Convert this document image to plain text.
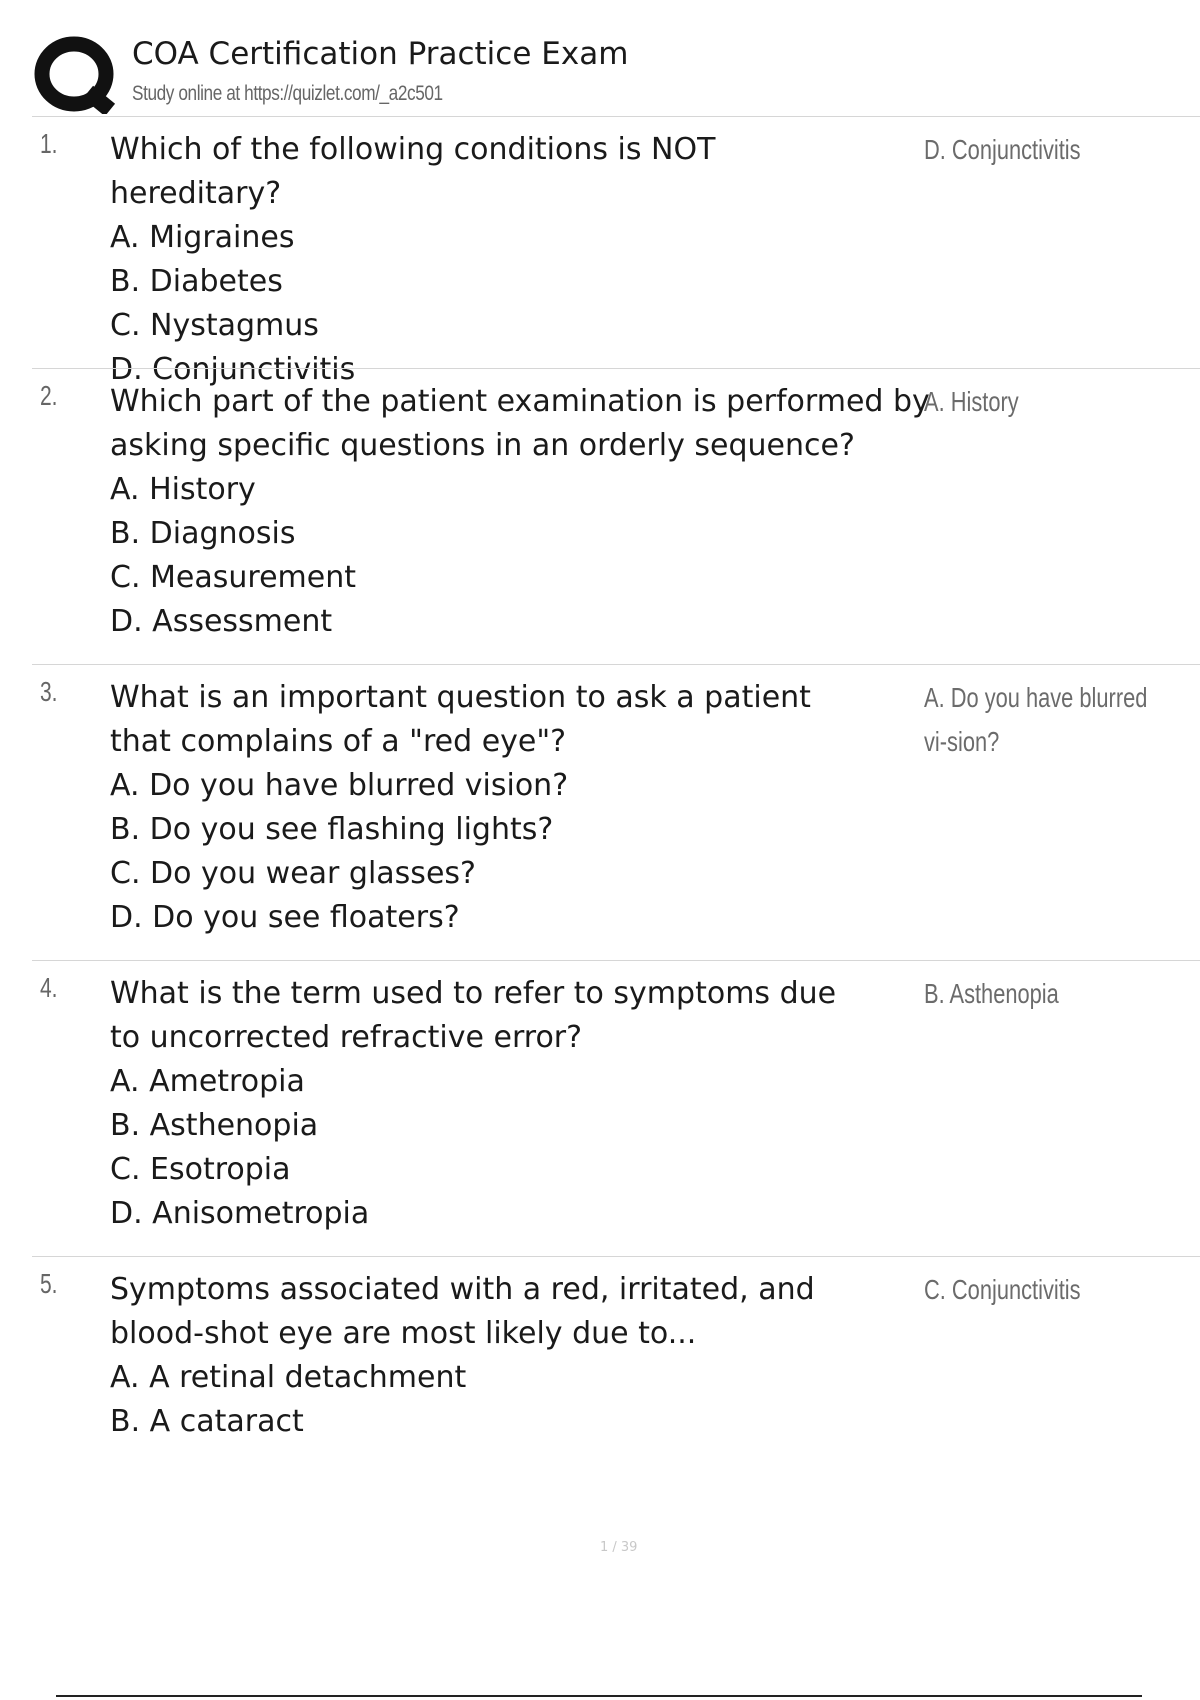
COA Certification Practice Exam
Study online at https://quizlet.com/_a2c501
1. Which of the following conditions is NOT hereditary?
A. Migraines
B. Diabetes
C. Nystagmus
D. Conjunctivitis
D. Conjunctivitis
2. Which part of the patient examination is performed by asking specific questions in an orderly sequence?
A. History
B. Diagnosis
C. Measurement
D. Assessment
A. History
3. What is an important question to ask a patient that complains of a "red eye"?
A. Do you have blurred vision?
B. Do you see flashing lights?
C. Do you wear glasses?
D. Do you see floaters?
A. Do you have blurred vi-sion?
4. What is the term used to refer to symptoms due to uncorrected refractive error?
A. Ametropia
B. Asthenopia
C. Esotropia
D. Anisometropia
B. Asthenopia
5. Symptoms associated with a red, irritated, and blood-shot eye are most likely due to...
A. A retinal detachment
B. A cataract
C. Conjunctivitis
1 / 39
